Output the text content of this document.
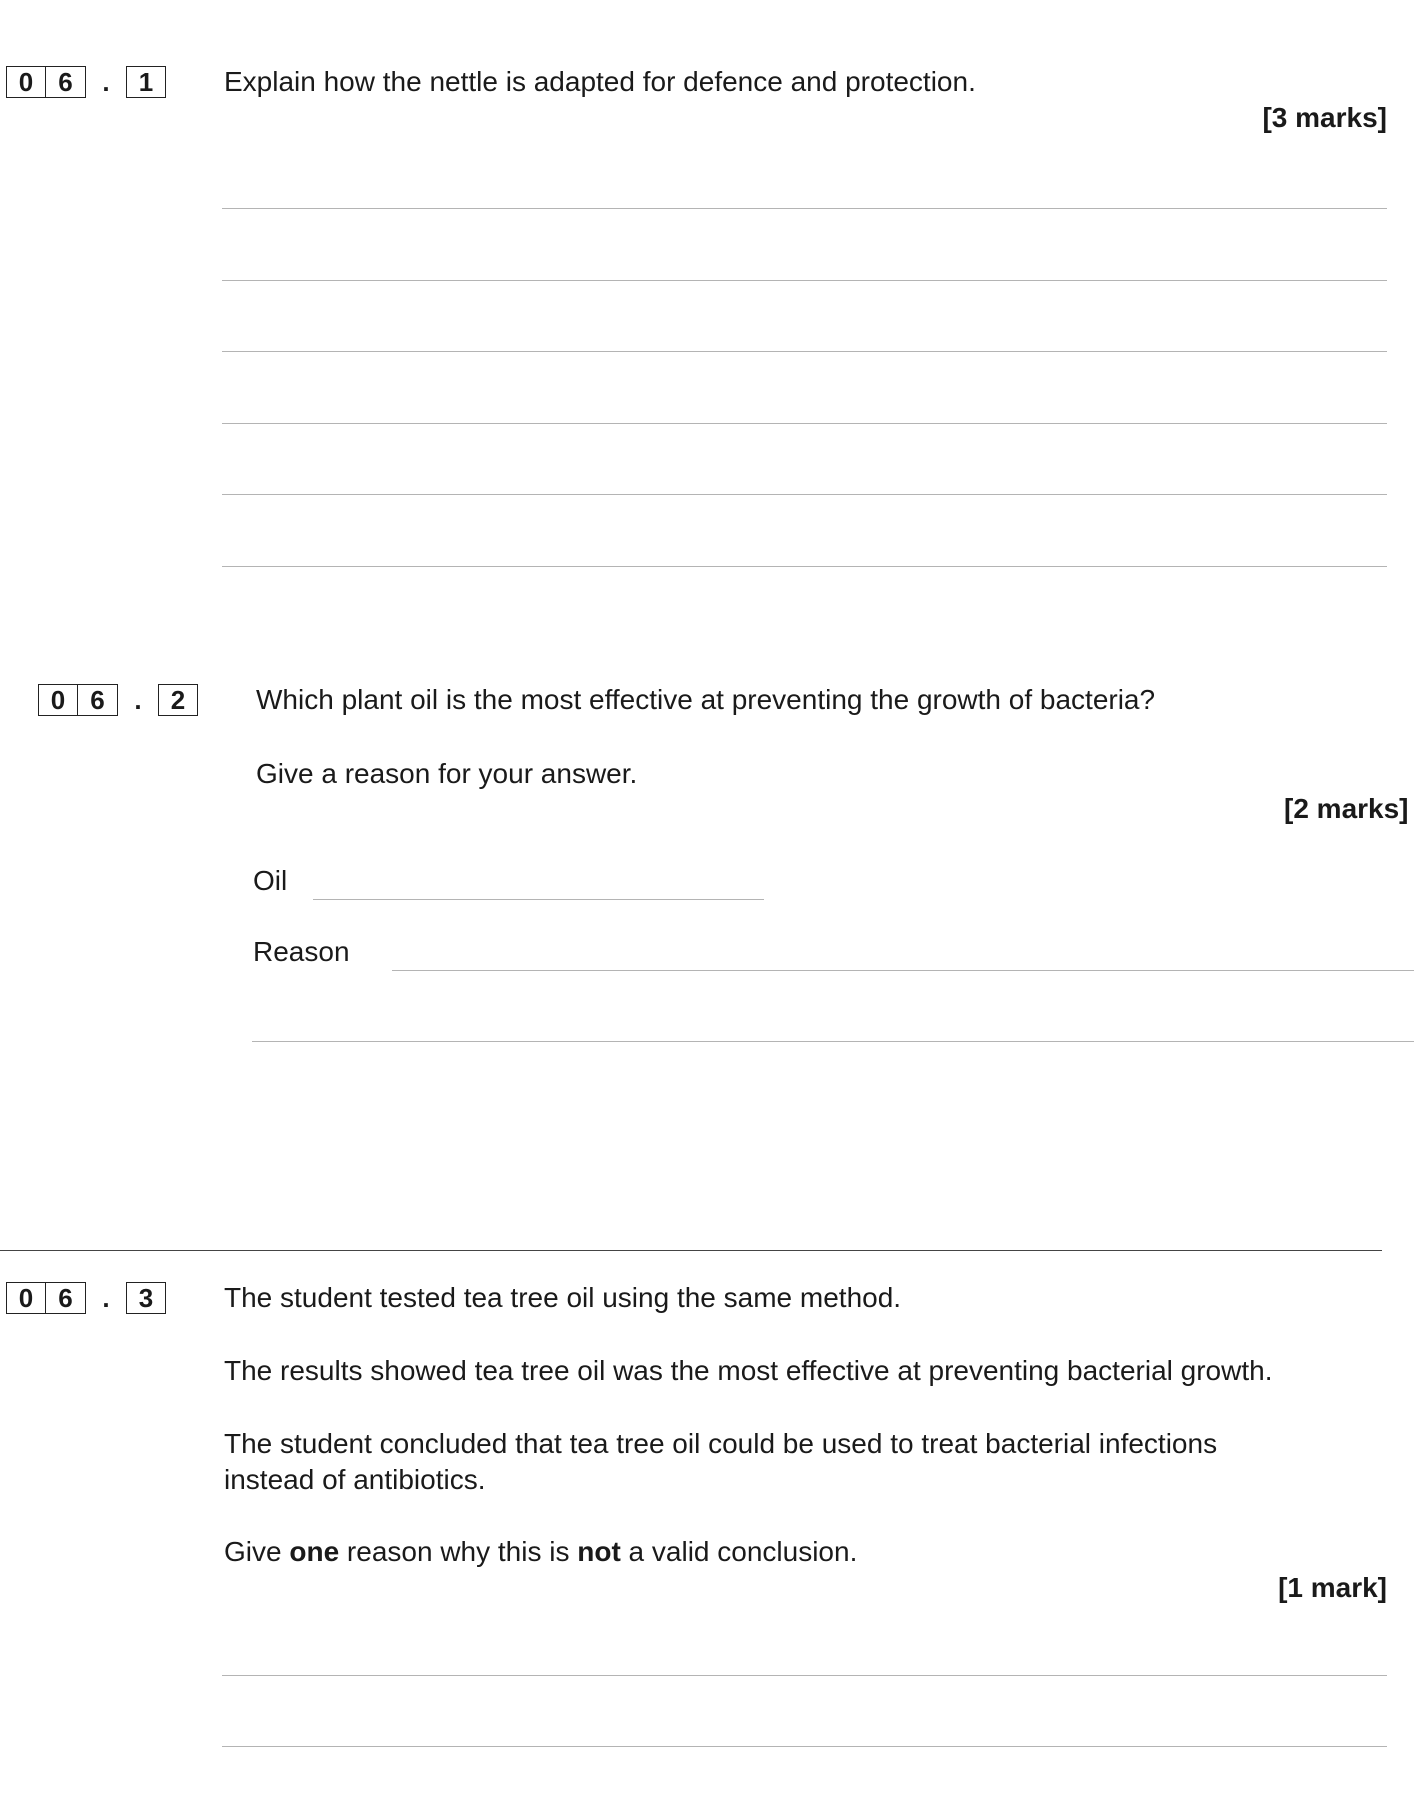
0 6	.	1	Explain how the nettle is adapted for defence and protection.
[3 marks]
0 6	.	2	Which plant oil is the most effective at preventing the growth of bacteria?
Give a reason for your answer.
[2 marks]
Oil
Reason
0 6	.	3	The student tested tea tree oil using the same method.
The results showed tea tree oil was the most effective at preventing bacterial growth.
The student concluded that tea tree oil could be used to treat bacterial infections
instead of antibiotics.
Give one reason why this is not a valid conclusion.
[1 mark]
